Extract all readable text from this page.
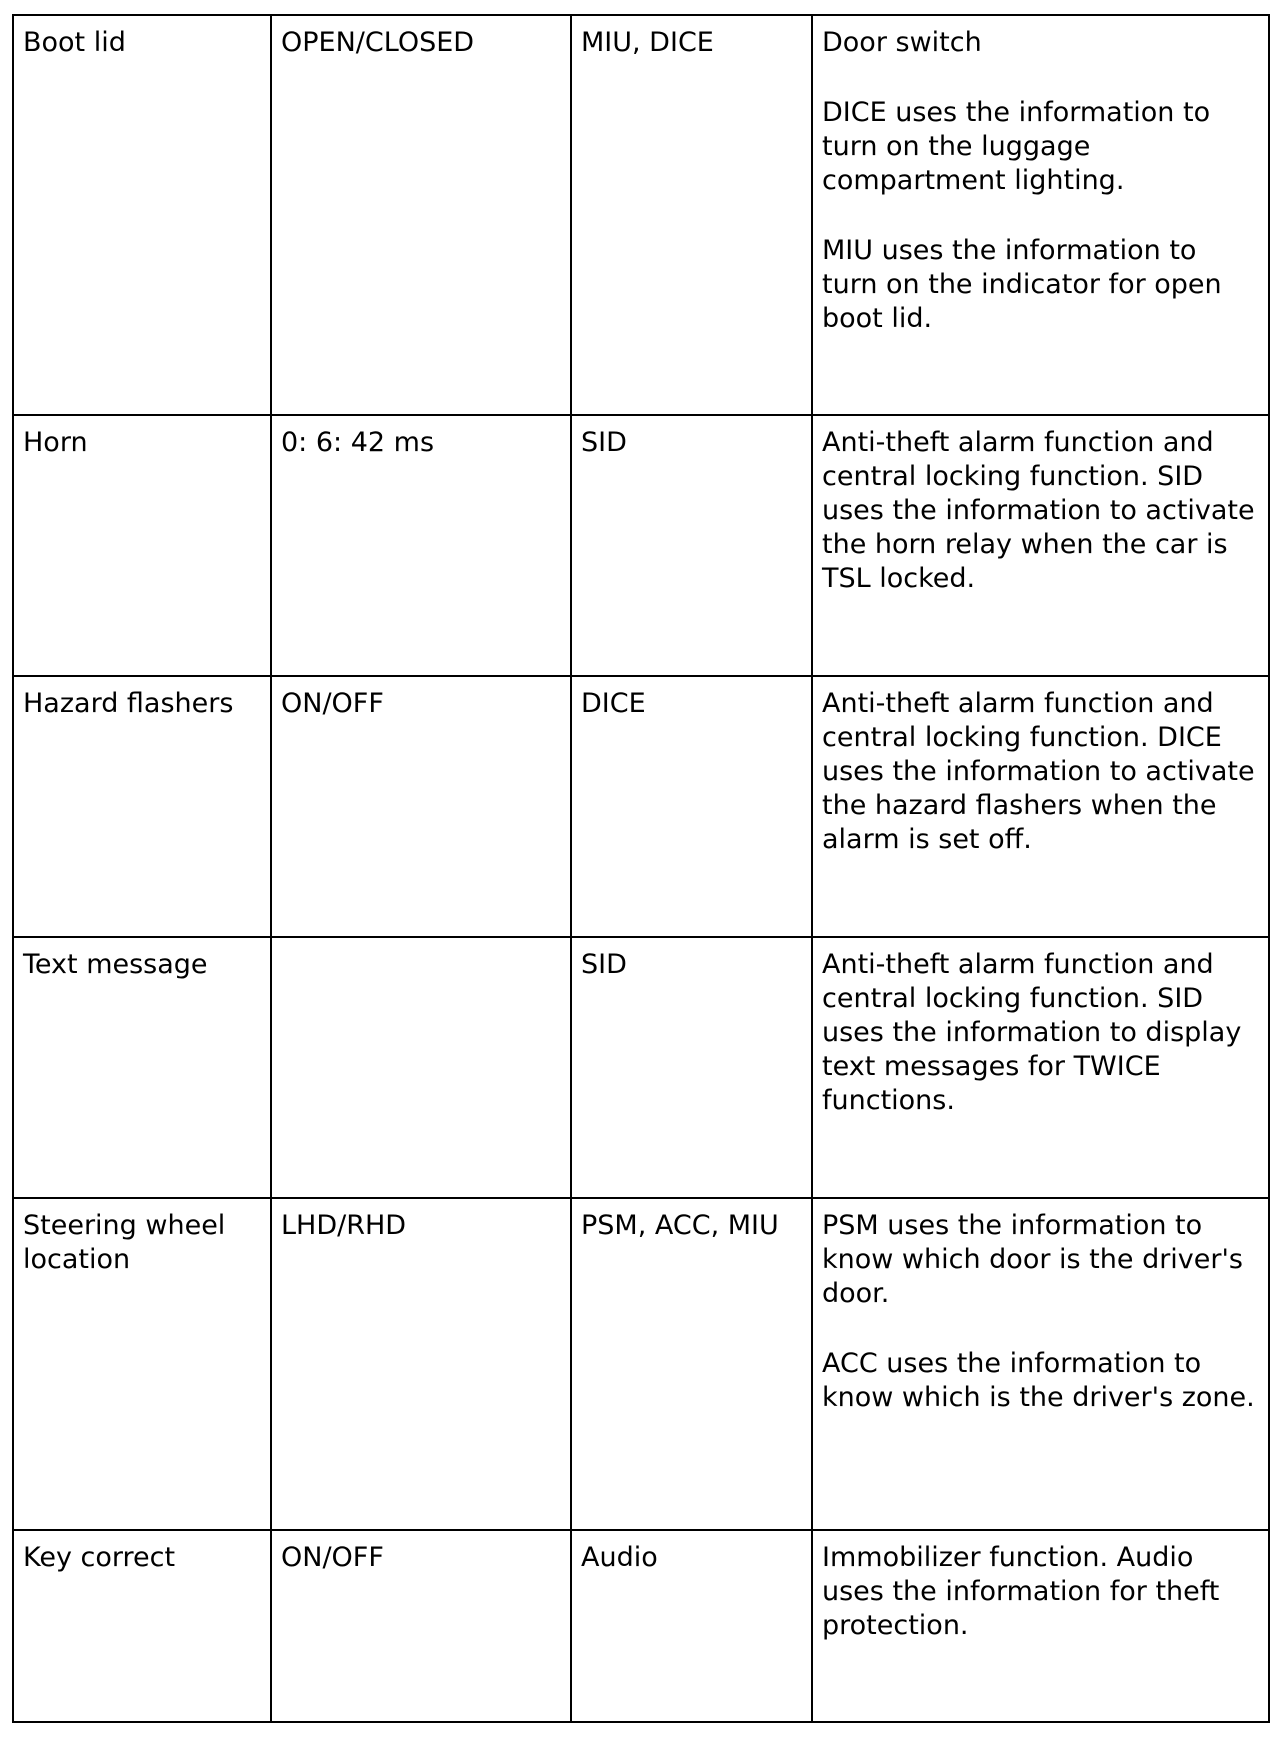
Boot lid	OPEN/CLOSED	MIU, DICE	Door switch

DICE uses the information to turn on the luggage compartment lighting.

MIU uses the information to turn on the indicator for open boot lid.

Horn	0: 6: 42 ms	SID	Anti-theft alarm function and central locking function. SID uses the information to activate the horn relay when the car is TSL locked.

Hazard flashers	ON/OFF	DICE	Anti-theft alarm function and central locking function. DICE uses the information to activate the hazard flashers when the alarm is set off.

Text message		SID	Anti-theft alarm function and central locking function. SID uses the information to display text messages for TWICE functions.

Steering wheel location	LHD/RHD	PSM, ACC, MIU	PSM uses the information to know which door is the driver's door.

ACC uses the information to know which is the driver's zone.

Key correct	ON/OFF	Audio	Immobilizer function. Audio uses the information for theft protection.
